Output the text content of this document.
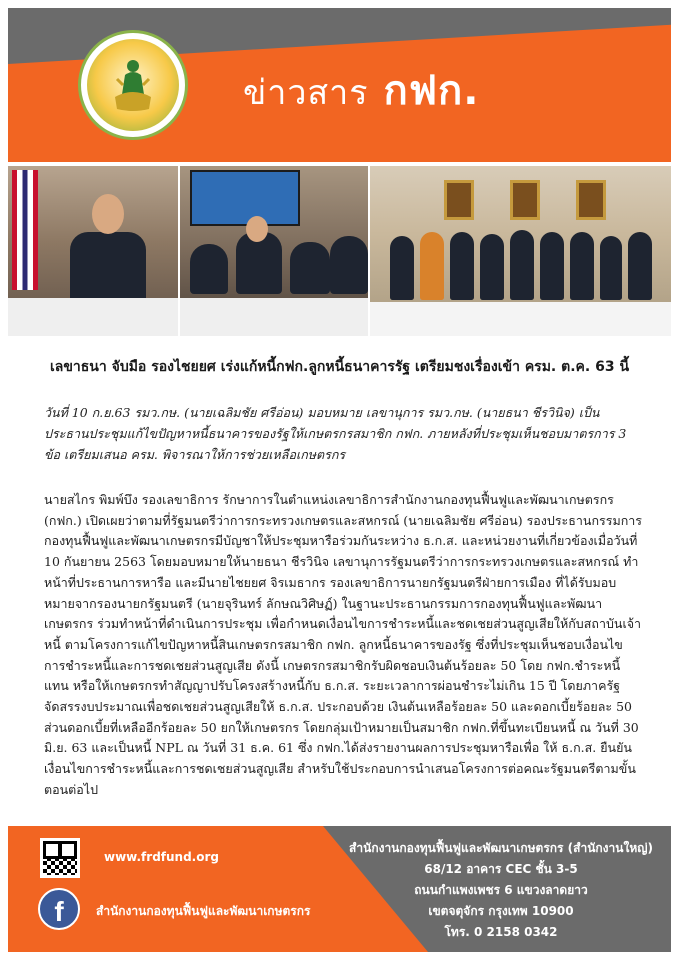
ข่าวสาร กฟก.
เลขาธนา จับมือ รองไชยยศ เร่งแก้หนี้กฟก.ลูกหนี้ธนาคารรัฐ เตรียมชงเรื่องเข้า ครม. ต.ค. 63 นี้

วันที่ 10 ก.ย.63 รมว.กษ. (นายเฉลิมชัย ศรีอ่อน) มอบหมาย เลขานุการ รมว.กษ. (นายธนา ชีรวินิจ) เป็นประธานประชุมแก้ไขปัญหาหนี้ธนาคารของรัฐให้เกษตรกรสมาชิก กฟก. ภายหลังที่ประชุมเห็นชอบมาตรการ 3 ข้อ เตรียมเสนอ ครม. พิจารณาให้การช่วยเหลือเกษตรกร

นายสไกร พิมพ์บึง รองเลขาธิการ รักษาการในตำแหน่งเลขาธิการสำนักงานกองทุนฟื้นฟูและพัฒนาเกษตรกร (กฟก.) เปิดเผยว่าตามที่รัฐมนตรีว่าการกระทรวงเกษตรและสหกรณ์ (นายเฉลิมชัย ศรีอ่อน) รองประธานกรรมการกองทุนฟื้นฟูและพัฒนาเกษตรกรมีบัญชาให้ประชุมหารือร่วมกันระหว่าง ธ.ก.ส. และหน่วยงานที่เกี่ยวข้องเมื่อวันที่ 10 กันยายน 2563 โดยมอบหมายให้นายธนา ชีรวินิจ เลขานุการรัฐมนตรีว่าการกระทรวงเกษตรและสหกรณ์ ทำหน้าที่ประธานการหารือ และมีนายไชยยศ จิรเมธากร รองเลขาธิการนายกรัฐมนตรีฝ่ายการเมือง ที่ได้รับมอบหมายจากรองนายกรัฐมนตรี (นายจุรินทร์ ลักษณวิศิษฏ์) ในฐานะประธานกรรมการกองทุนฟื้นฟูและพัฒนาเกษตรกร ร่วมทำหน้าที่ดำเนินการประชุม เพื่อกำหนดเงื่อนไขการชำระหนี้และชดเชยส่วนสูญเสียให้กับสถาบันเจ้าหนี้ ตามโครงการแก้ไขปัญหาหนี้สินเกษตรกรสมาชิก กฟก. ลูกหนี้ธนาคารของรัฐ ซึ่งที่ประชุมเห็นชอบเงื่อนไขการชำระหนี้และการชดเชยส่วนสูญเสีย ดังนี้ เกษตรกรสมาชิกรับผิดชอบเงินต้นร้อยละ 50 โดย กฟก.ชำระหนี้แทน หรือให้เกษตรกรทำสัญญาปรับโครงสร้างหนี้กับ ธ.ก.ส. ระยะเวลาการผ่อนชำระไม่เกิน 15 ปี โดยภาครัฐจัดสรรงบประมาณเพื่อชดเชยส่วนสูญเสียให้ ธ.ก.ส. ประกอบด้วย เงินต้นเหลือร้อยละ 50 และดอกเบี้ยร้อยละ 50 ส่วนดอกเบี้ยที่เหลืออีกร้อยละ 50 ยกให้เกษตรกร โดยกลุ่มเป้าหมายเป็นสมาชิก กฟก.ที่ขึ้นทะเบียนหนี้ ณ วันที่ 30 มิ.ย. 63 และเป็นหนี้ NPL ณ วันที่ 31 ธ.ค. 61 ซึ่ง กฟก.ได้ส่งรายงานผลการประชุมหารือเพื่อ ให้ ธ.ก.ส. ยืนยันเงื่อนไขการชำระหนี้และการชดเชยส่วนสูญเสีย สำหรับใช้ประกอบการนำเสนอโครงการต่อคณะรัฐมนตรีตามขั้นตอนต่อไป

www.frdfund.org
f	สำนักงานกองทุนฟื้นฟูและพัฒนาเกษตรกร
สำนักงานกองทุนฟื้นฟูและพัฒนาเกษตรกร (สำนักงานใหญ่)
68/12 อาคาร CEC ชั้น 3-5
ถนนกำแพงเพชร 6 แขวงลาดยาว
เขตจตุจักร กรุงเทพ 10900
โทร. 0 2158 0342
